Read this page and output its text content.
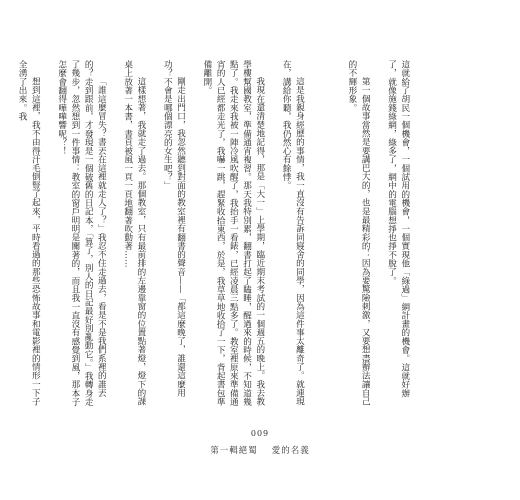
這就給了胡民一個機會，一個試用的機會，一個實現他「綠過」網計畫的機會。這就好辦了，就像施錢綠網，綠多了，網中的電腦想掙也掙不脫了。

第一個故事當然是要講巴大的，也是最精彩的：因為要驚險刺激，又要想盡辦法讓自己的不輝形象。

這是我親身經歷的事情，我一直沒有告訴同寢舍的同學，因為這件事太離奇了。就連現在，講給你聽，我仍然心有餘悸。

我現在還清楚地記得，那是「大一」上學期，臨近期末考試的一個週五的晚上。我去教學樓幫國教室，準備通宵複習。那天我特別累，翻書打起了瞌睡，醒過來的時候，不知道幾點了。我走來我被一陣冷風吹醒了，我抬手一看錶，已經凌晨三點多了。教室裡原來準備通宵的人已經都走光了，我嚇一跳，趕緊收拾東西，於是，我草草地收拾了一下，背起書包準備離開。

剛走出門口，我忽然聽到對面的教室裡有翻書的聲音——「都這麼晚了，誰還這麼用功？不會是哪個漂亮的女生吧？」

這樣想著，我就走了過去。那個教室，只有最前排的左邊靠窗的位置點著燈，燈下的課桌上放著一本書，書頁被風一頁一頁地翻著吹動著……

「誰這麼冒失？書丟在這裡就走人了？」我忍不住走過去，看是不是我們系裡的誰丟的？走到跟前，才發現是一個破舊的日記本，「算了，別人的日記最好別亂動它。」我轉身走了幾步，忽然想到一件事情：教室的窗戶明明是關著的，而且我一直沒有感覺到風，那本子怎麼會翻得嘩嘩響呢？！

想到這裡，我不由得汗毛倒豎了起來，平時看過的那些恐怖故事和電影裡的情形一下子全湧了出來。我

009
第一輯絕蜀 愛的名義
